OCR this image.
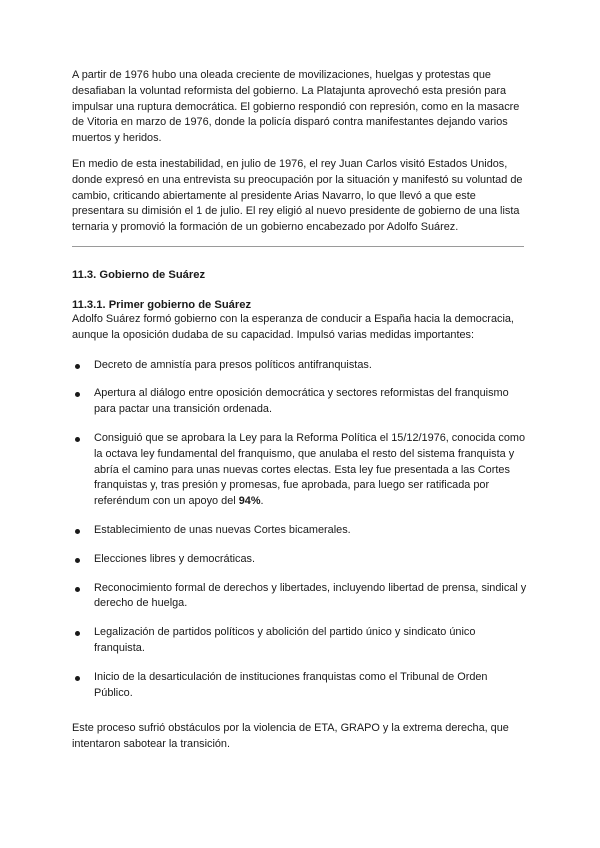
A partir de 1976 hubo una oleada creciente de movilizaciones, huelgas y protestas que desafiaban la voluntad reformista del gobierno. La Platajunta aprovechó esta presión para impulsar una ruptura democrática. El gobierno respondió con represión, como en la masacre de Vitoria en marzo de 1976, donde la policía disparó contra manifestantes dejando varios muertos y heridos.

En medio de esta inestabilidad, en julio de 1976, el rey Juan Carlos visitó Estados Unidos, donde expresó en una entrevista su preocupación por la situación y manifestó su voluntad de cambio, criticando abiertamente al presidente Arias Navarro, lo que llevó a que este presentara su dimisión el 1 de julio. El rey eligió al nuevo presidente de gobierno de una lista ternaria y promovió la formación de un gobierno encabezado por Adolfo Suárez.

11.3. Gobierno de Suárez
11.3.1. Primer gobierno de Suárez

Adolfo Suárez formó gobierno con la esperanza de conducir a España hacia la democracia, aunque la oposición dudaba de su capacidad. Impulsó varias medidas importantes:

Decreto de amnistía para presos políticos antifranquistas.
Apertura al diálogo entre oposición democrática y sectores reformistas del franquismo para pactar una transición ordenada.
Consiguió que se aprobara la Ley para la Reforma Política el 15/12/1976, conocida como la octava ley fundamental del franquismo, que anulaba el resto del sistema franquista y abría el camino para unas nuevas cortes electas. Esta ley fue presentada a las Cortes franquistas y, tras presión y promesas, fue aprobada, para luego ser ratificada por referéndum con un apoyo del 94%.
Establecimiento de unas nuevas Cortes bicamerales.
Elecciones libres y democráticas.
Reconocimiento formal de derechos y libertades, incluyendo libertad de prensa, sindical y derecho de huelga.
Legalización de partidos políticos y abolición del partido único y sindicato único franquista.
Inicio de la desarticulación de instituciones franquistas como el Tribunal de Orden Público.

Este proceso sufrió obstáculos por la violencia de ETA, GRAPO y la extrema derecha, que intentaron sabotear la transición.
